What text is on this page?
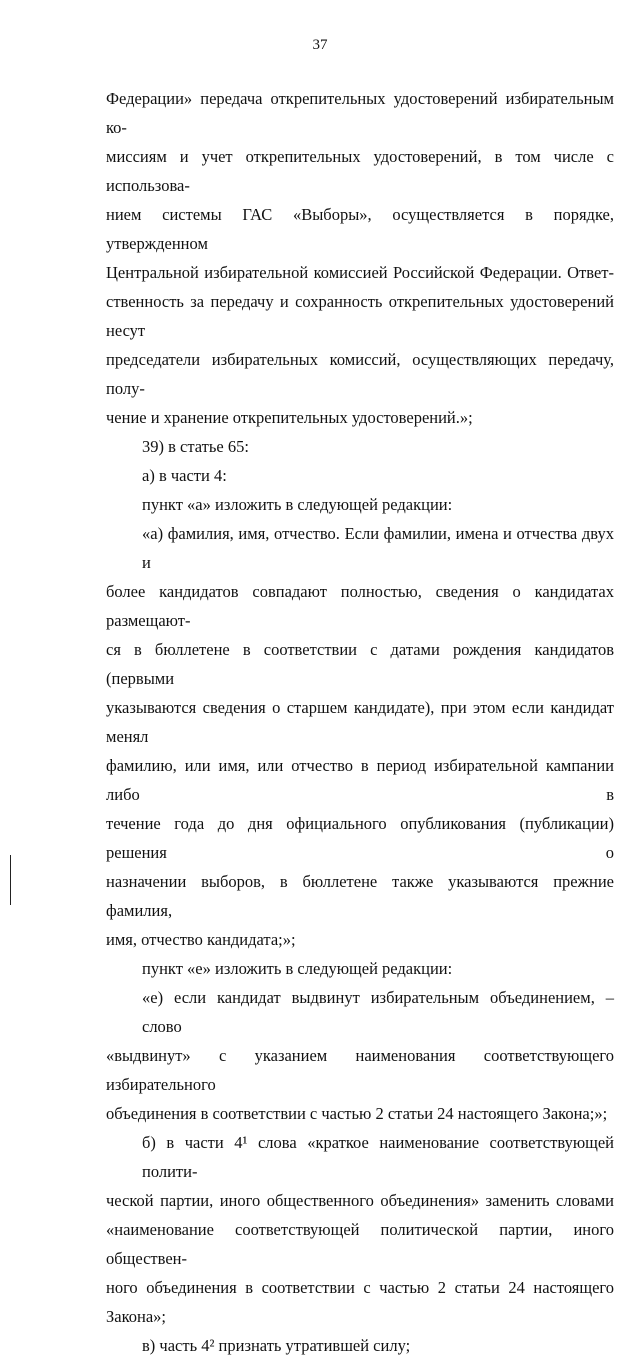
37

Федерации» передача открепительных удостоверений избирательным ко-

миссиям и учет открепительных удостоверений, в том числе с использова-

нием системы ГАС «Выборы», осуществляется в порядке, утвержденном

Центральной избирательной комиссией Российской Федерации. Ответ-

ственность за передачу и сохранность открепительных удостоверений несут

председатели избирательных комиссий, осуществляющих передачу, полу-

чение и хранение открепительных удостоверений.»;

39) в статье 65:

а) в части 4:

пункт «а» изложить в следующей редакции:

«а) фамилия, имя, отчество. Если фамилии, имена и отчества двух и

более кандидатов совпадают полностью, сведения о кандидатах размещают-

ся в бюллетене в соответствии с датами рождения кандидатов (первыми

указываются сведения о старшем кандидате), при этом если кандидат менял

фамилию, или имя, или отчество в период избирательной кампании либо в

течение года до дня официального опубликования (публикации) решения о

назначении выборов, в бюллетене также указываются прежние фамилия,

имя, отчество кандидата;»;

пункт «е» изложить в следующей редакции:

«е) если кандидат выдвинут избирательным объединением, – слово

«выдвинут» с указанием наименования соответствующего избирательного

объединения в соответствии с частью 2 статьи 24 настоящего Закона;»;

б) в части 4¹ слова «краткое наименование соответствующей полити-

ческой партии, иного общественного объединения» заменить словами

«наименование соответствующей политической партии, иного обществен-

ного объединения в соответствии с частью 2 статьи 24 настоящего Закона»;

в) часть 4² признать утратившей силу;
